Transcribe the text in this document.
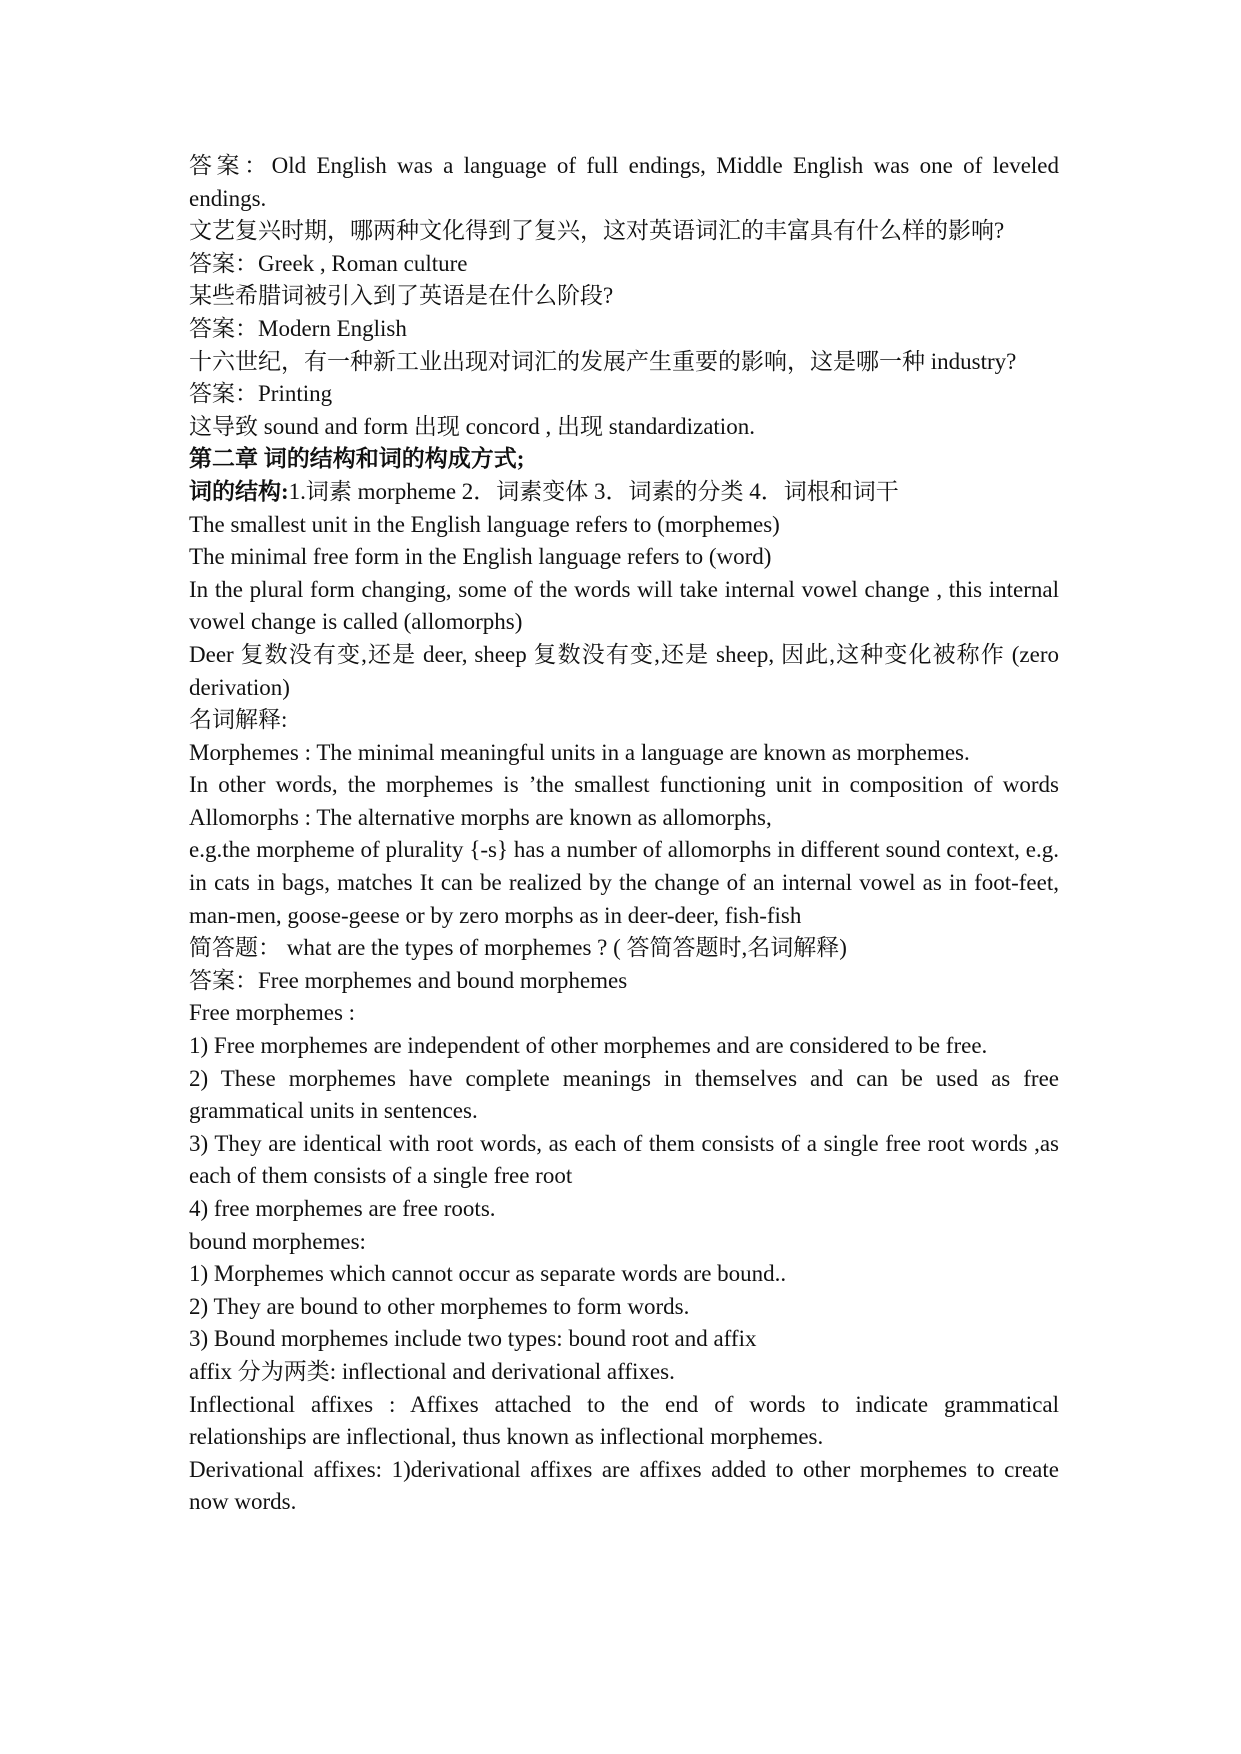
答案：Old English was a language of full endings, Middle English was one of leveled endings.

文艺复兴时期，哪两种文化得到了复兴，这对英语词汇的丰富具有什么样的影响?

答案：Greek , Roman culture

某些希腊词被引入到了英语是在什么阶段?

答案：Modern English

十六世纪，有一种新工业出现对词汇的发展产生重要的影响，这是哪一种 industry?

答案：Printing

这导致 sound and form 出现 concord , 出现 standardization.

第二章 词的结构和词的构成方式;

词的结构:1.词素 morpheme 2．词素变体 3．词素的分类 4．词根和词干

The smallest unit in the English language refers to (morphemes)

The minimal free form in the English language refers to (word)

In the plural form changing, some of the words will take internal vowel change , this internal vowel change is called (allomorphs)

Deer 复数没有变,还是 deer, sheep 复数没有变,还是 sheep, 因此,这种变化被称作 (zero derivation)

名词解释:

Morphemes : The minimal meaningful units in a language are known as morphemes.

In other words, the morphemes is ’the smallest functioning unit in composition of words Allomorphs : The alternative morphs are known as allomorphs,

e.g.the morpheme of plurality {-s} has a number of allomorphs in different sound context, e.g. in cats in bags, matches It can be realized by the change of an internal vowel as in foot-feet, man-men, goose-geese or by zero morphs as in deer-deer, fish-fish

简答题： what are the types of morphemes ? ( 答简答题时,名词解释)

答案：Free morphemes and bound morphemes

Free morphemes :

1) Free morphemes are independent of other morphemes and are considered to be free.

2) These morphemes have complete meanings in themselves and can be used as free grammatical units in sentences.

3) They are identical with root words, as each of them consists of a single free root words ,as each of them consists of a single free root

4) free morphemes are free roots.

bound morphemes:

1) Morphemes which cannot occur as separate words are bound..

2) They are bound to other morphemes to form words.

3) Bound morphemes include two types: bound root and affix

affix 分为两类: inflectional and derivational affixes.

Inflectional affixes : Affixes attached to the end of words to indicate grammatical relationships are inflectional, thus known as inflectional morphemes.

Derivational affixes: 1)derivational affixes are affixes added to other morphemes to create now words.
